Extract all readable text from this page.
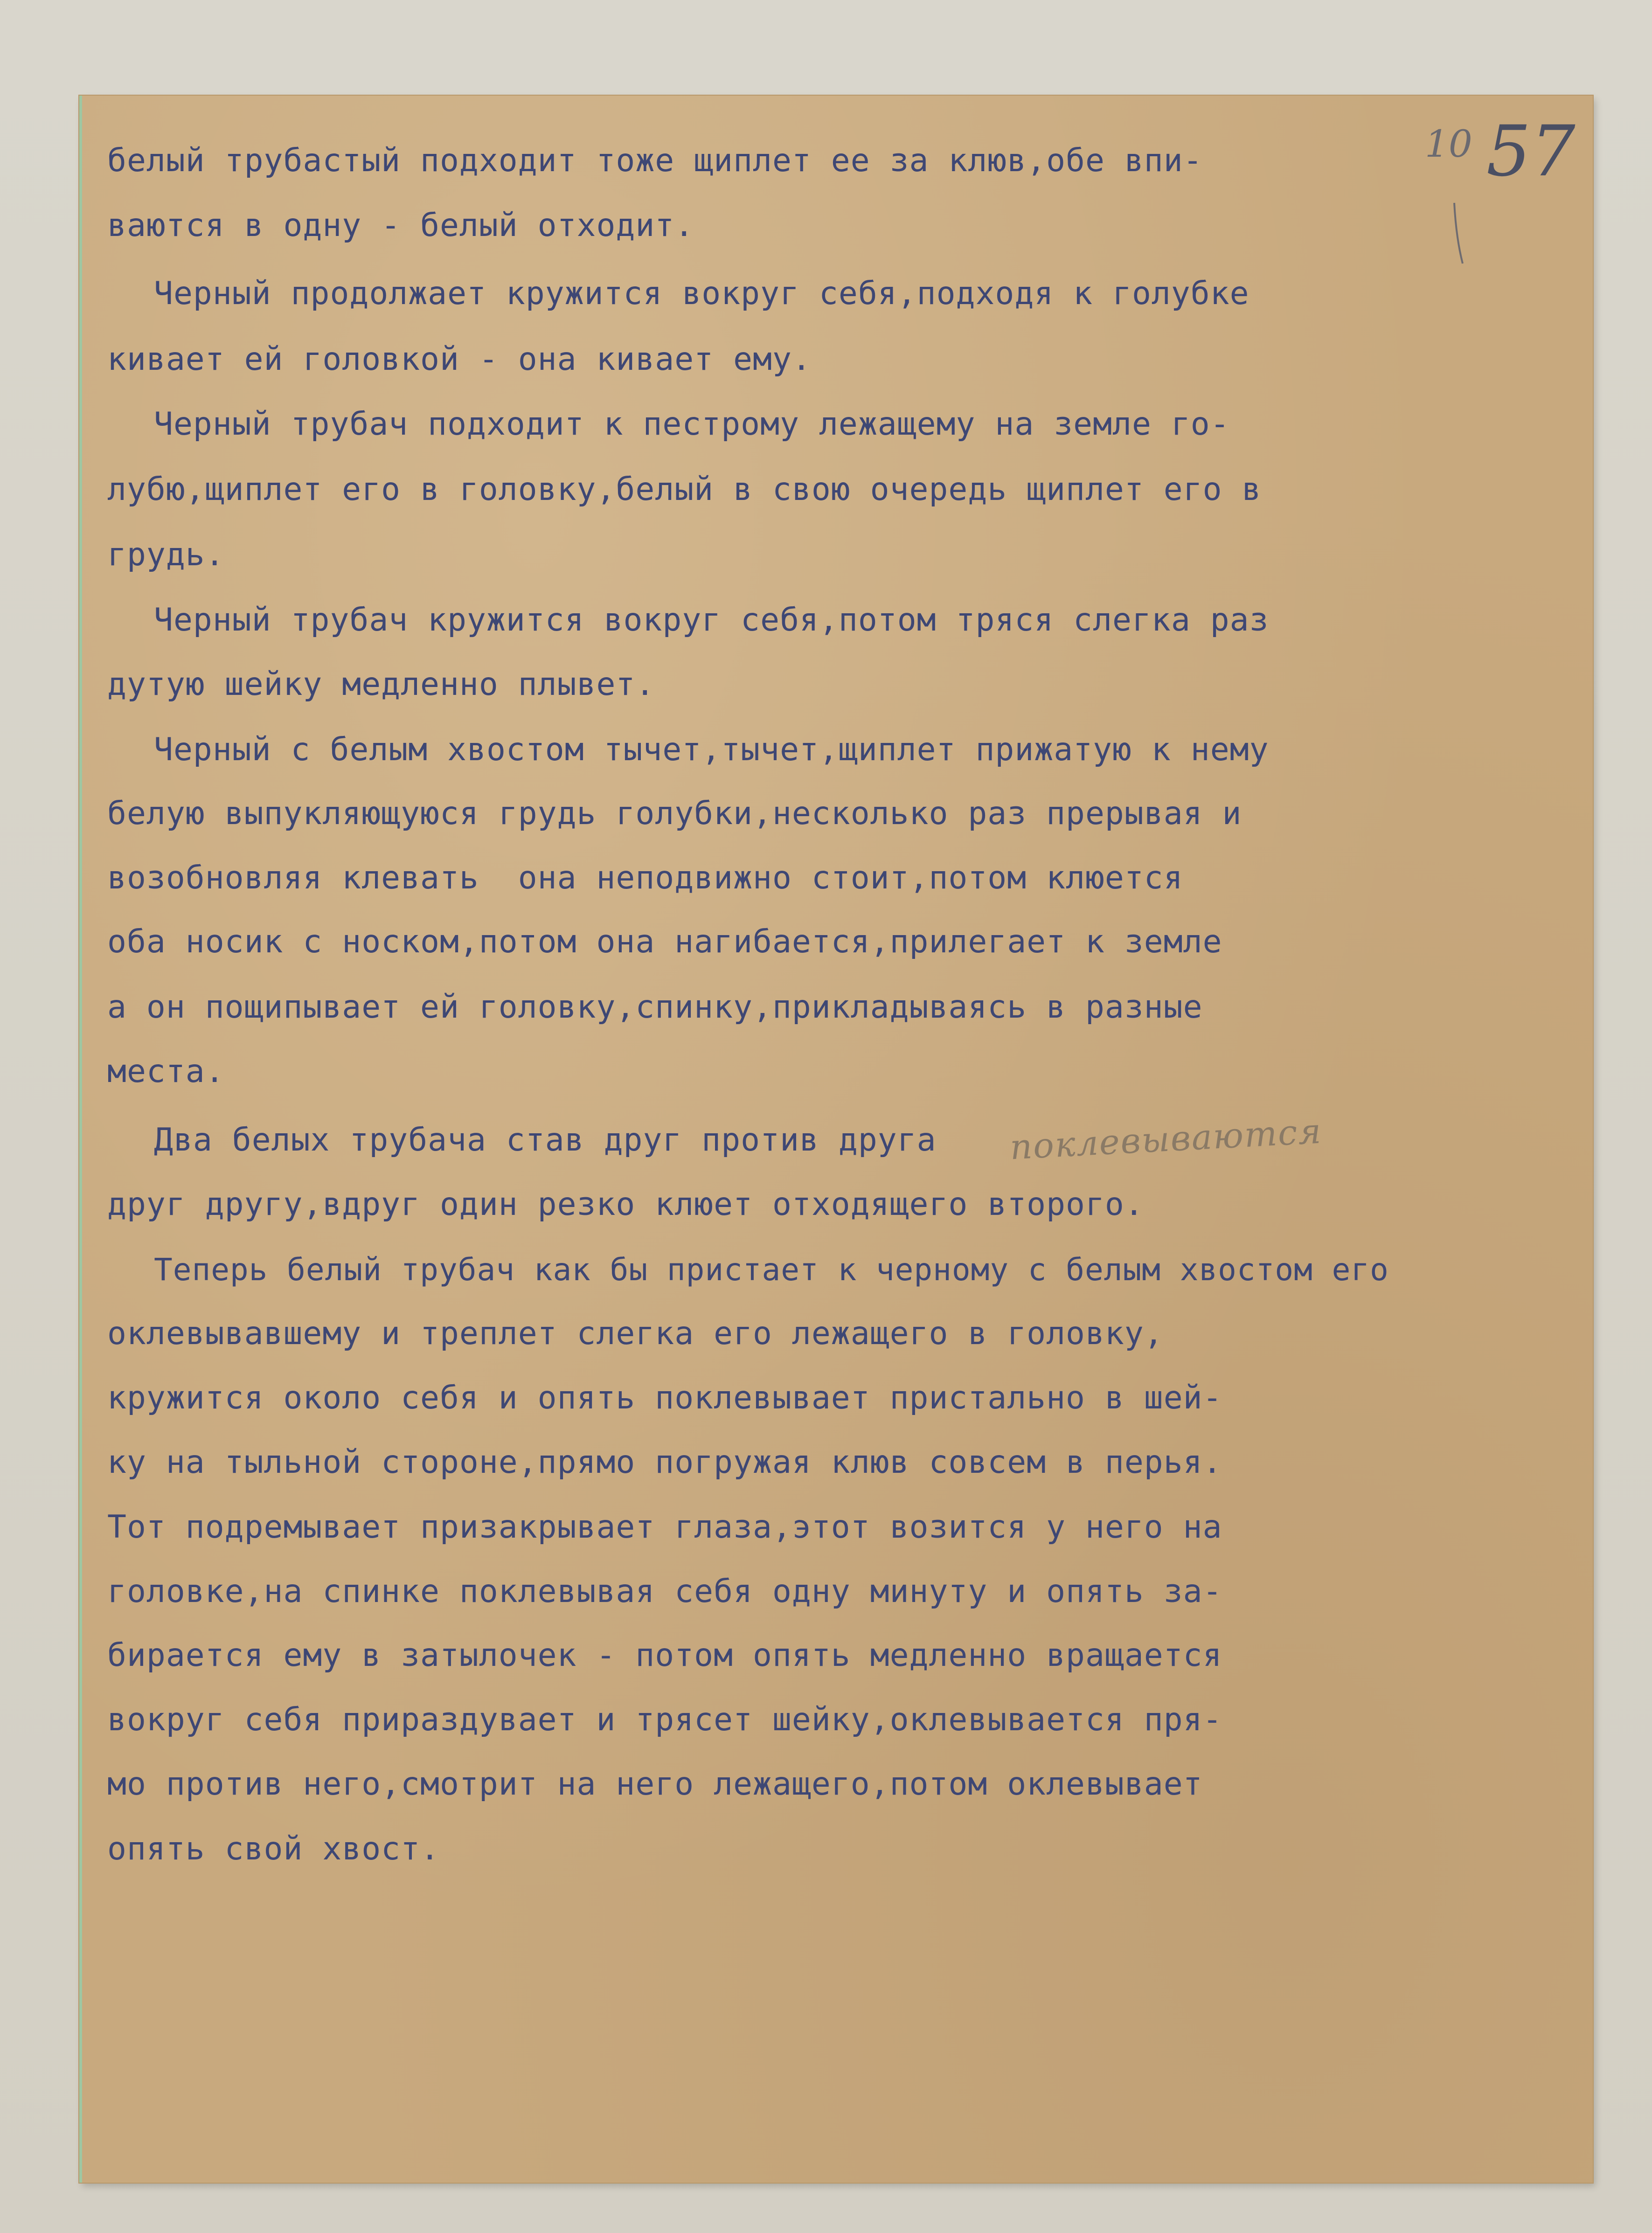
$^{10}$ 57

белый трубастый подходит тоже щиплет ее за клюв,обе впи-

ваются в одну - белый отходит.

Черный продолжает кружится вокруг себя,подходя к голубке

кивает ей головкой - она кивает ему.

Черный трубач подходит к пестрому лежащему на земле го-

лубю,щиплет его в головку,белый в свою очередь щиплет его в

грудь.

Черный трубач кружится вокруг себя,потом тряся слегка раз

дутую шейку медленно плывет.

Черный с белым хвостом тычет,тычет,щиплет прижатую к нему

белую выпукляющуюся грудь голубки,несколько раз прерывая и

возобновляя клевать  она неподвижно стоит,потом клюется

оба носик с носком,потом она нагибается,прилегает к земле

а он пощипывает ей головку,спинку,прикладываясь в разные

места.

Два белых трубача став друг против друга поклевываются

друг другу,вдруг один резко клюет отходящего второго.

Теперь белый трубач как бы пристает к черному с белым хвостом его

оклевывавшему и треплет слегка его лежащего в головку,

кружится около себя и опять поклевывает пристально в шей-

ку на тыльной стороне,прямо погружая клюв совсем в перья.

Тот подремывает призакрывает глаза,этот возится у него на

головке,на спинке поклевывая себя одну минуту и опять за-

бирается ему в затылочек - потом опять медленно вращается

вокруг себя прираздувает и трясет шейку,оклевывается пря-

мо против него,смотрит на него лежащего,потом оклевывает

опять свой хвост.
